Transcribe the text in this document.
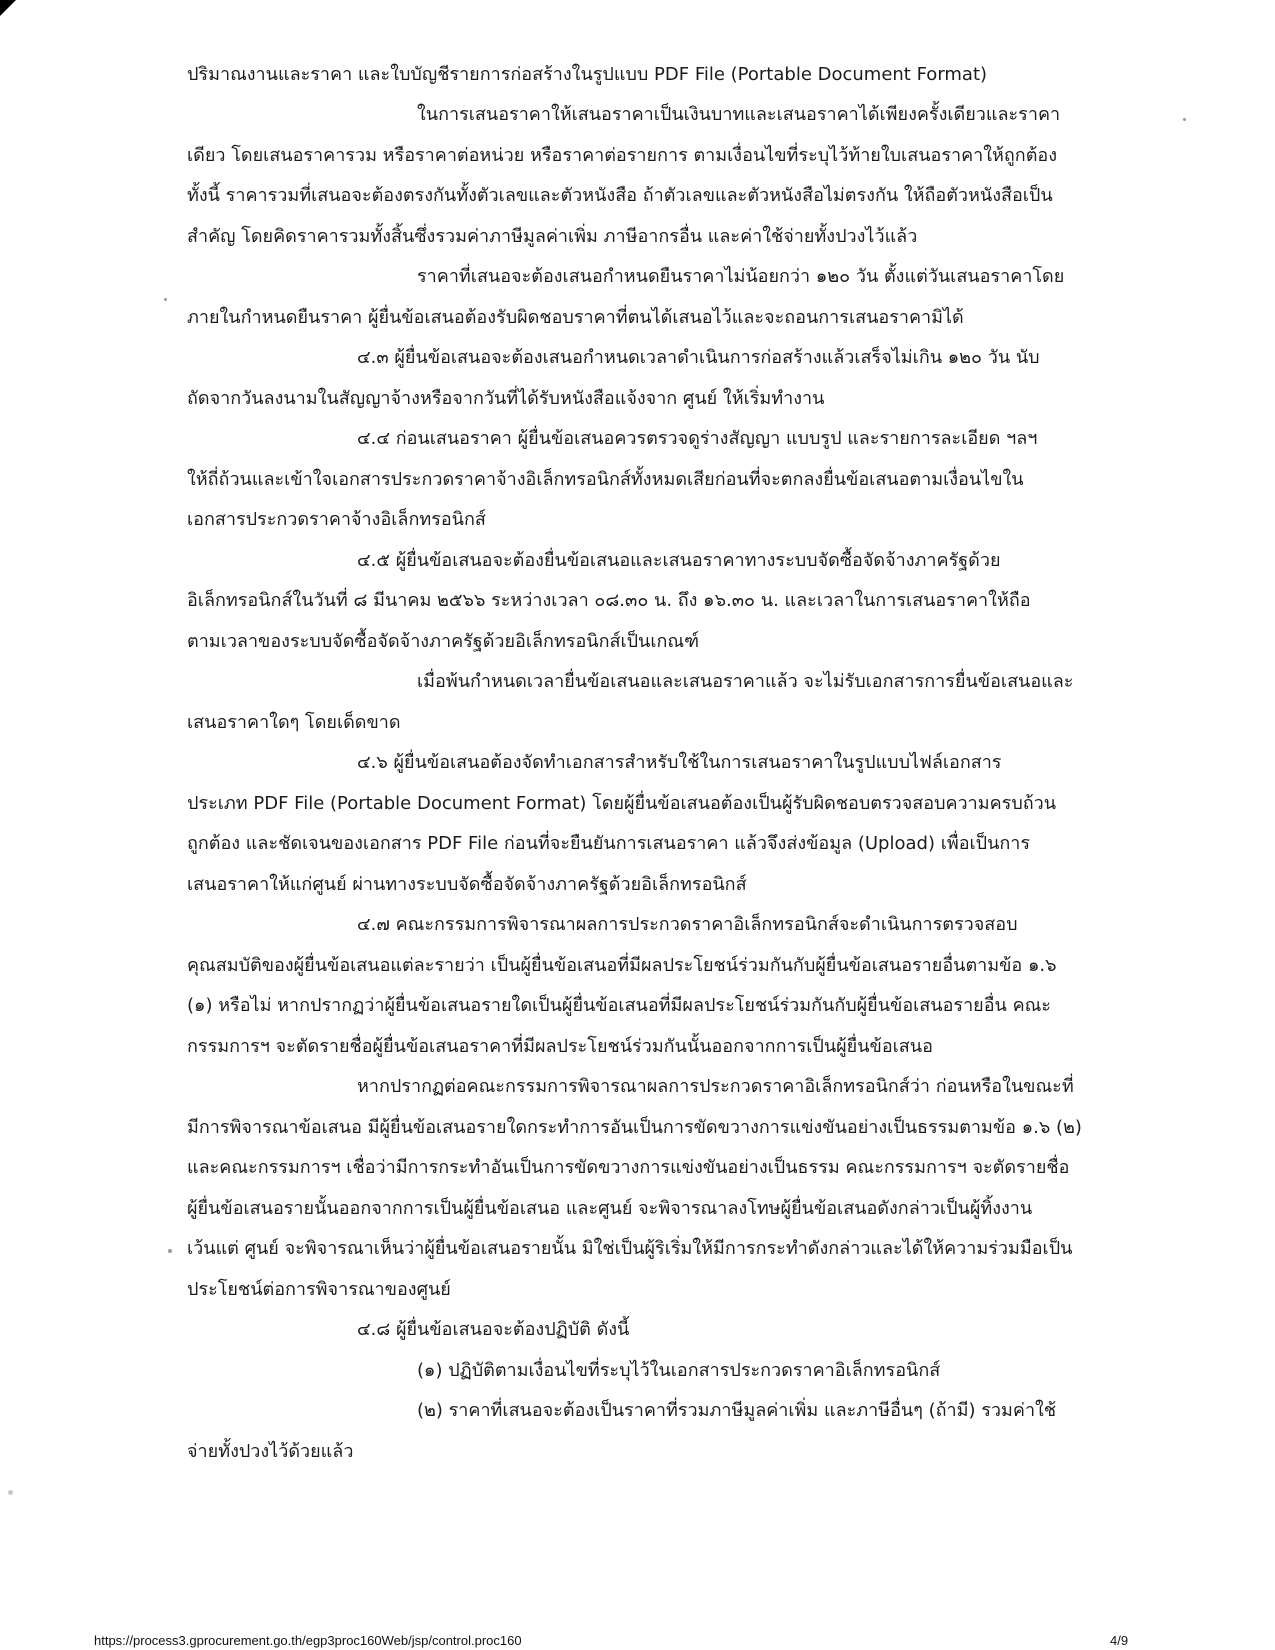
ปริมาณงานและราคา และใบบัญชีรายการก่อสร้างในรูปแบบ PDF File (Portable Document Format)
ในการเสนอราคาให้เสนอราคาเป็นเงินบาทและเสนอราคาได้เพียงครั้งเดียวและราคา
เดียว โดยเสนอราคารวม หรือราคาต่อหน่วย หรือราคาต่อรายการ ตามเงื่อนไขที่ระบุไว้ท้ายใบเสนอราคาให้ถูกต้อง
ทั้งนี้ ราคารวมที่เสนอจะต้องตรงกันทั้งตัวเลขและตัวหนังสือ ถ้าตัวเลขและตัวหนังสือไม่ตรงกัน ให้ถือตัวหนังสือเป็น
สำคัญ โดยคิดราคารวมทั้งสิ้นซึ่งรวมค่าภาษีมูลค่าเพิ่ม ภาษีอากรอื่น และค่าใช้จ่ายทั้งปวงไว้แล้ว
ราคาที่เสนอจะต้องเสนอกำหนดยืนราคาไม่น้อยกว่า ๑๒๐ วัน ตั้งแต่วันเสนอราคาโดย
ภายในกำหนดยืนราคา ผู้ยื่นข้อเสนอต้องรับผิดชอบราคาที่ตนได้เสนอไว้และจะถอนการเสนอราคามิได้
๔.๓ ผู้ยื่นข้อเสนอจะต้องเสนอกำหนดเวลาดำเนินการก่อสร้างแล้วเสร็จไม่เกิน ๑๒๐ วัน นับ
ถัดจากวันลงนามในสัญญาจ้างหรือจากวันที่ได้รับหนังสือแจ้งจาก ศูนย์ ให้เริ่มทำงาน
๔.๔ ก่อนเสนอราคา ผู้ยื่นข้อเสนอควรตรวจดูร่างสัญญา แบบรูป และรายการละเอียด ฯลฯ
ให้ถี่ถ้วนและเข้าใจเอกสารประกวดราคาจ้างอิเล็กทรอนิกส์ทั้งหมดเสียก่อนที่จะตกลงยื่นข้อเสนอตามเงื่อนไขใน
เอกสารประกวดราคาจ้างอิเล็กทรอนิกส์
๔.๕ ผู้ยื่นข้อเสนอจะต้องยื่นข้อเสนอและเสนอราคาทางระบบจัดซื้อจัดจ้างภาครัฐด้วย
อิเล็กทรอนิกส์ในวันที่ ๘ มีนาคม ๒๕๖๖ ระหว่างเวลา ๐๘.๓๐ น. ถึง ๑๖.๓๐ น. และเวลาในการเสนอราคาให้ถือ
ตามเวลาของระบบจัดซื้อจัดจ้างภาครัฐด้วยอิเล็กทรอนิกส์เป็นเกณฑ์
เมื่อพ้นกำหนดเวลายื่นข้อเสนอและเสนอราคาแล้ว จะไม่รับเอกสารการยื่นข้อเสนอและ
เสนอราคาใดๆ โดยเด็ดขาด
๔.๖ ผู้ยื่นข้อเสนอต้องจัดทำเอกสารสำหรับใช้ในการเสนอราคาในรูปแบบไฟล์เอกสาร
ประเภท PDF File (Portable Document Format) โดยผู้ยื่นข้อเสนอต้องเป็นผู้รับผิดชอบตรวจสอบความครบถ้วน
ถูกต้อง และชัดเจนของเอกสาร PDF File ก่อนที่จะยืนยันการเสนอราคา แล้วจึงส่งข้อมูล (Upload) เพื่อเป็นการ
เสนอราคาให้แก่ศูนย์ ผ่านทางระบบจัดซื้อจัดจ้างภาครัฐด้วยอิเล็กทรอนิกส์
๔.๗ คณะกรรมการพิจารณาผลการประกวดราคาอิเล็กทรอนิกส์จะดำเนินการตรวจสอบ
คุณสมบัติของผู้ยื่นข้อเสนอแต่ละรายว่า เป็นผู้ยื่นข้อเสนอที่มีผลประโยชน์ร่วมกันกับผู้ยื่นข้อเสนอรายอื่นตามข้อ ๑.๖
(๑) หรือไม่ หากปรากฏว่าผู้ยื่นข้อเสนอรายใดเป็นผู้ยื่นข้อเสนอที่มีผลประโยชน์ร่วมกันกับผู้ยื่นข้อเสนอรายอื่น คณะ
กรรมการฯ จะตัดรายชื่อผู้ยื่นข้อเสนอราคาที่มีผลประโยชน์ร่วมกันนั้นออกจากการเป็นผู้ยื่นข้อเสนอ
หากปรากฏต่อคณะกรรมการพิจารณาผลการประกวดราคาอิเล็กทรอนิกส์ว่า ก่อนหรือในขณะที่
มีการพิจารณาข้อเสนอ มีผู้ยื่นข้อเสนอรายใดกระทำการอันเป็นการขัดขวางการแข่งขันอย่างเป็นธรรมตามข้อ ๑.๖ (๒)
และคณะกรรมการฯ เชื่อว่ามีการกระทำอันเป็นการขัดขวางการแข่งขันอย่างเป็นธรรม คณะกรรมการฯ จะตัดรายชื่อ
ผู้ยื่นข้อเสนอรายนั้นออกจากการเป็นผู้ยื่นข้อเสนอ และศูนย์ จะพิจารณาลงโทษผู้ยื่นข้อเสนอดังกล่าวเป็นผู้ทิ้งงาน
เว้นแต่ ศูนย์ จะพิจารณาเห็นว่าผู้ยื่นข้อเสนอรายนั้น มิใช่เป็นผู้ริเริ่มให้มีการกระทำดังกล่าวและได้ให้ความร่วมมือเป็น
ประโยชน์ต่อการพิจารณาของศูนย์
๔.๘ ผู้ยื่นข้อเสนอจะต้องปฏิบัติ ดังนี้
(๑) ปฏิบัติตามเงื่อนไขที่ระบุไว้ในเอกสารประกวดราคาอิเล็กทรอนิกส์
(๒) ราคาที่เสนอจะต้องเป็นราคาที่รวมภาษีมูลค่าเพิ่ม และภาษีอื่นๆ (ถ้ามี) รวมค่าใช้
จ่ายทั้งปวงไว้ด้วยแล้ว
https://process3.gprocurement.go.th/egp3proc160Web/jsp/control.proc160	4/9
